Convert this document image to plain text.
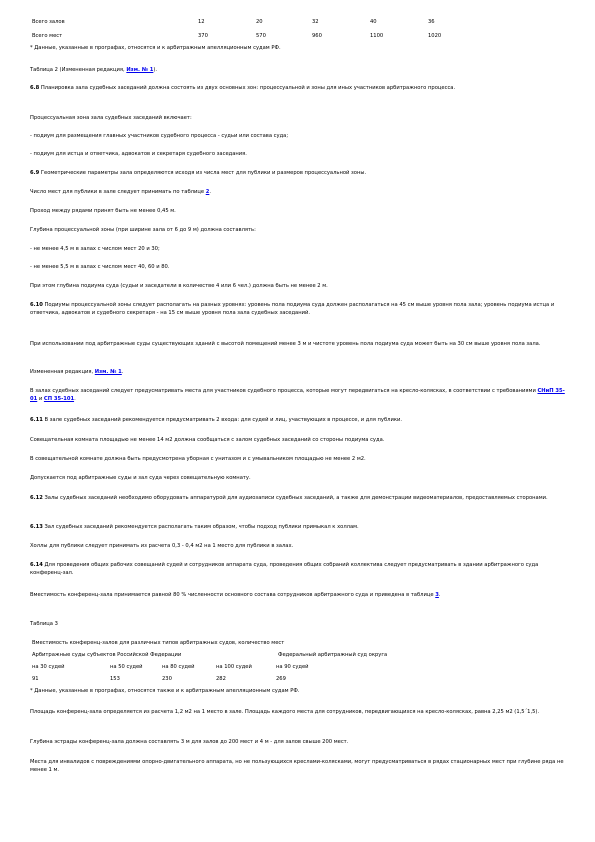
Всего залов	12	20	32	40	36
Всего мест	370	570	960	1100	1020

* Данные, указанные в прографах, относятся и к арбитражным апелляционным судам РФ.

Таблица 2 (Измененная редакция, Изм. № 1).

6.8 Планировка зала судебных заседаний должна состоять из двух основных зон: процессуальной и зоны для иных участников арбитражного процесса.

Процессуальная зона зала судебных заседаний включает:

- подиум для размещения главных участников судебного процесса - судьи или состава суда;

- подиум для истца и ответчика, адвокатов и секретаря судебного заседания.

6.9 Геометрические параметры зала определяются исходя из числа мест для публики и размеров процессуальной зоны.

Число мест для публики в зале следует принимать по таблице 2.

Проход между рядами принят быть не менее 0,45 м.

Глубина процессуальной зоны (при ширине зала от 6 до 9 м) должна составлять:

- не менее 4,5 м в залах с числом мест 20 и 30;

- не менее 5,5 м в залах с числом мест 40, 60 и 80.

При этом глубина подиума суда (судьи и заседатели в количестве 4 или 6 чел.) должна быть не менее 2 м.

6.10 Подиумы процессуальной зоны следует располагать на разных уровнях: уровень пола подиума суда должен располагаться на 45 см выше уровня пола зала; уровень подиума истца и ответчика, адвокатов и судебного секретаря - на 15 см выше уровня пола зала судебных заседаний.

При использовании под арбитражные суды существующих зданий с высотой помещений менее 3 м и чистоте уровень пола подиума суда может быть на 30 см выше уровня пола зала.

Измененная редакция, Изм. № 1.

В залах судебных заседаний следует предусматривать места для участников судебного процесса, которые могут передвигаться на кресло-колясках, в соответствии с требованиями СНиП 35-01 и СП 35-101.

6.11 В зале судебных заседаний рекомендуется предусматривать 2 входа: для судей и лиц, участвующих в процессе, и для публики.

Совещательная комната площадью не менее 14 м2 должна сообщаться с залом судебных заседаний со стороны подиума суда.

В совещательной комнате должна быть предусмотрена уборная с унитазом и с умывальником площадью не менее 2 м2.

Допускается под арбитражные суды и зал суда через совещательную комнату.

6.12 Залы судебных заседаний необходимо оборудовать аппаратурой для аудиозаписи судебных заседаний, а также для демонстрации видеоматериалов, предоставляемых сторонами.

6.13 Зал судебных заседаний рекомендуется располагать таким образом, чтобы подход публики примыкал к холлам.

Холлы для публики следует принимать из расчета 0,3 - 0,4 м2 на 1 место для публики в залах.

6.14 Для проведения общих рабочих совещаний судей и сотрудников аппарата суда, проведения общих собраний коллектива следует предусматривать в здании арбитражного суда конференц-зал.

Вместимость конференц-зала принимается равной 80 % численности основного состава сотрудников арбитражного суда и приведена в таблице 3.

Таблица 3

Вместимость конференц-залов для различных типов арбитражных судов, количество мест
Арбитражные суды субъектов Российской Федерации	Федеральный арбитражный суд округа
на 30 судей	на 50 судей	на 80 судей	на 100 судей	на 90 судей
91	153	230	282	269

* Данные, указанные в прографах, относятся также и к арбитражным апелляционным судам РФ.

Площадь конференц-зала определяется из расчета 1,2 м2 на 1 место в зале. Площадь каждого места для сотрудников, передвигающихся на кресло-колясках, равна 2,25 м2 (1,5´1,5).

Глубина эстрады конференц-зала должна составлять 3 м для залов до 200 мест и 4 м - для залов свыше 200 мест.

Места для инвалидов с повреждениями опорно-двигательного аппарата, но не пользующихся креслами-колясками, могут предусматриваться в рядах стационарных мест при глубине ряда не менее 1 м.
